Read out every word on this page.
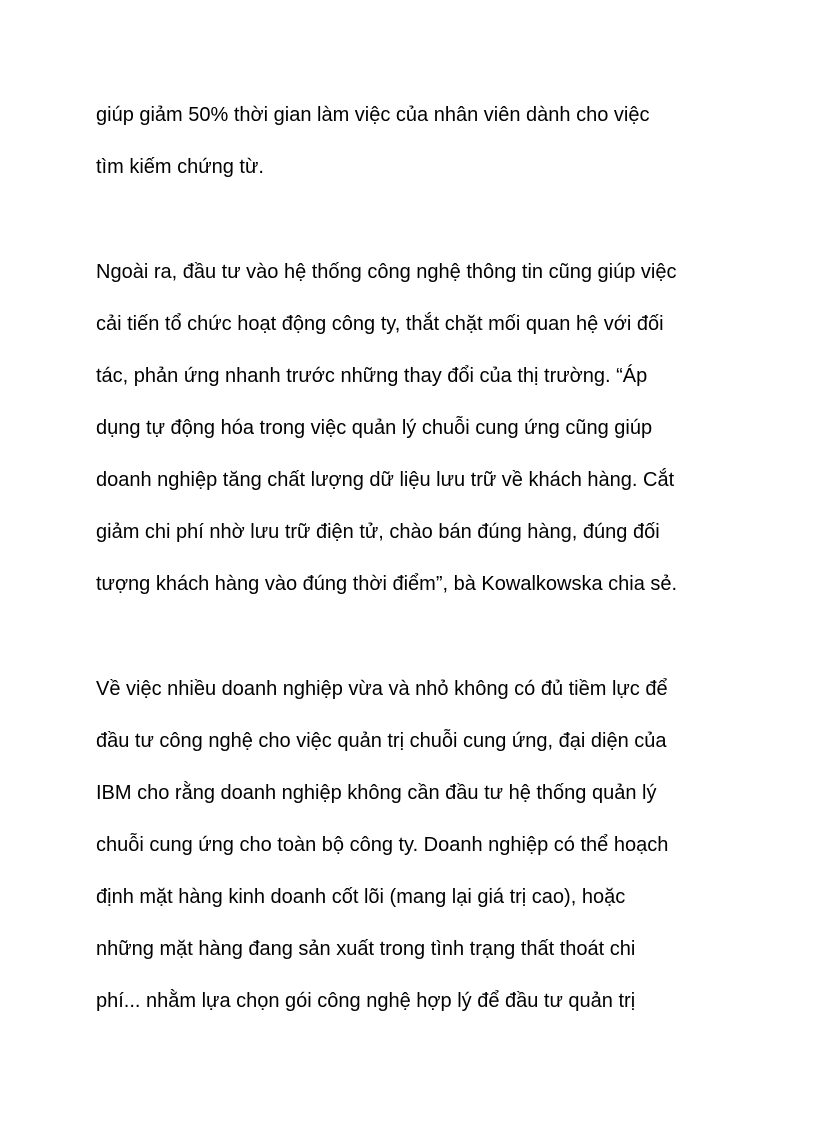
giúp giảm 50% thời gian làm việc của nhân viên dành cho việc

tìm kiếm chứng từ.

Ngoài ra, đầu tư vào hệ thống công nghệ thông tin cũng giúp việc

cải tiến tổ chức hoạt động công ty, thắt chặt mối quan hệ với đối

tác, phản ứng nhanh trước những thay đổi của thị trường. “Áp

dụng tự động hóa trong việc quản lý chuỗi cung ứng cũng giúp

doanh nghiệp tăng chất lượng dữ liệu lưu trữ về khách hàng. Cắt

giảm chi phí nhờ lưu trữ điện tử, chào bán đúng hàng, đúng đối

tượng khách hàng vào đúng thời điểm”, bà Kowalkowska chia sẻ.

Về việc nhiều doanh nghiệp vừa và nhỏ không có đủ tiềm lực để

đầu tư công nghệ cho việc quản trị chuỗi cung ứng, đại diện của

IBM cho rằng doanh nghiệp không cần đầu tư hệ thống quản lý

chuỗi cung ứng cho toàn bộ công ty. Doanh nghiệp có thể hoạch

định mặt hàng kinh doanh cốt lõi (mang lại giá trị cao), hoặc

những mặt hàng đang sản xuất trong tình trạng thất thoát chi

phí... nhằm lựa chọn gói công nghệ hợp lý để đầu tư quản trị
